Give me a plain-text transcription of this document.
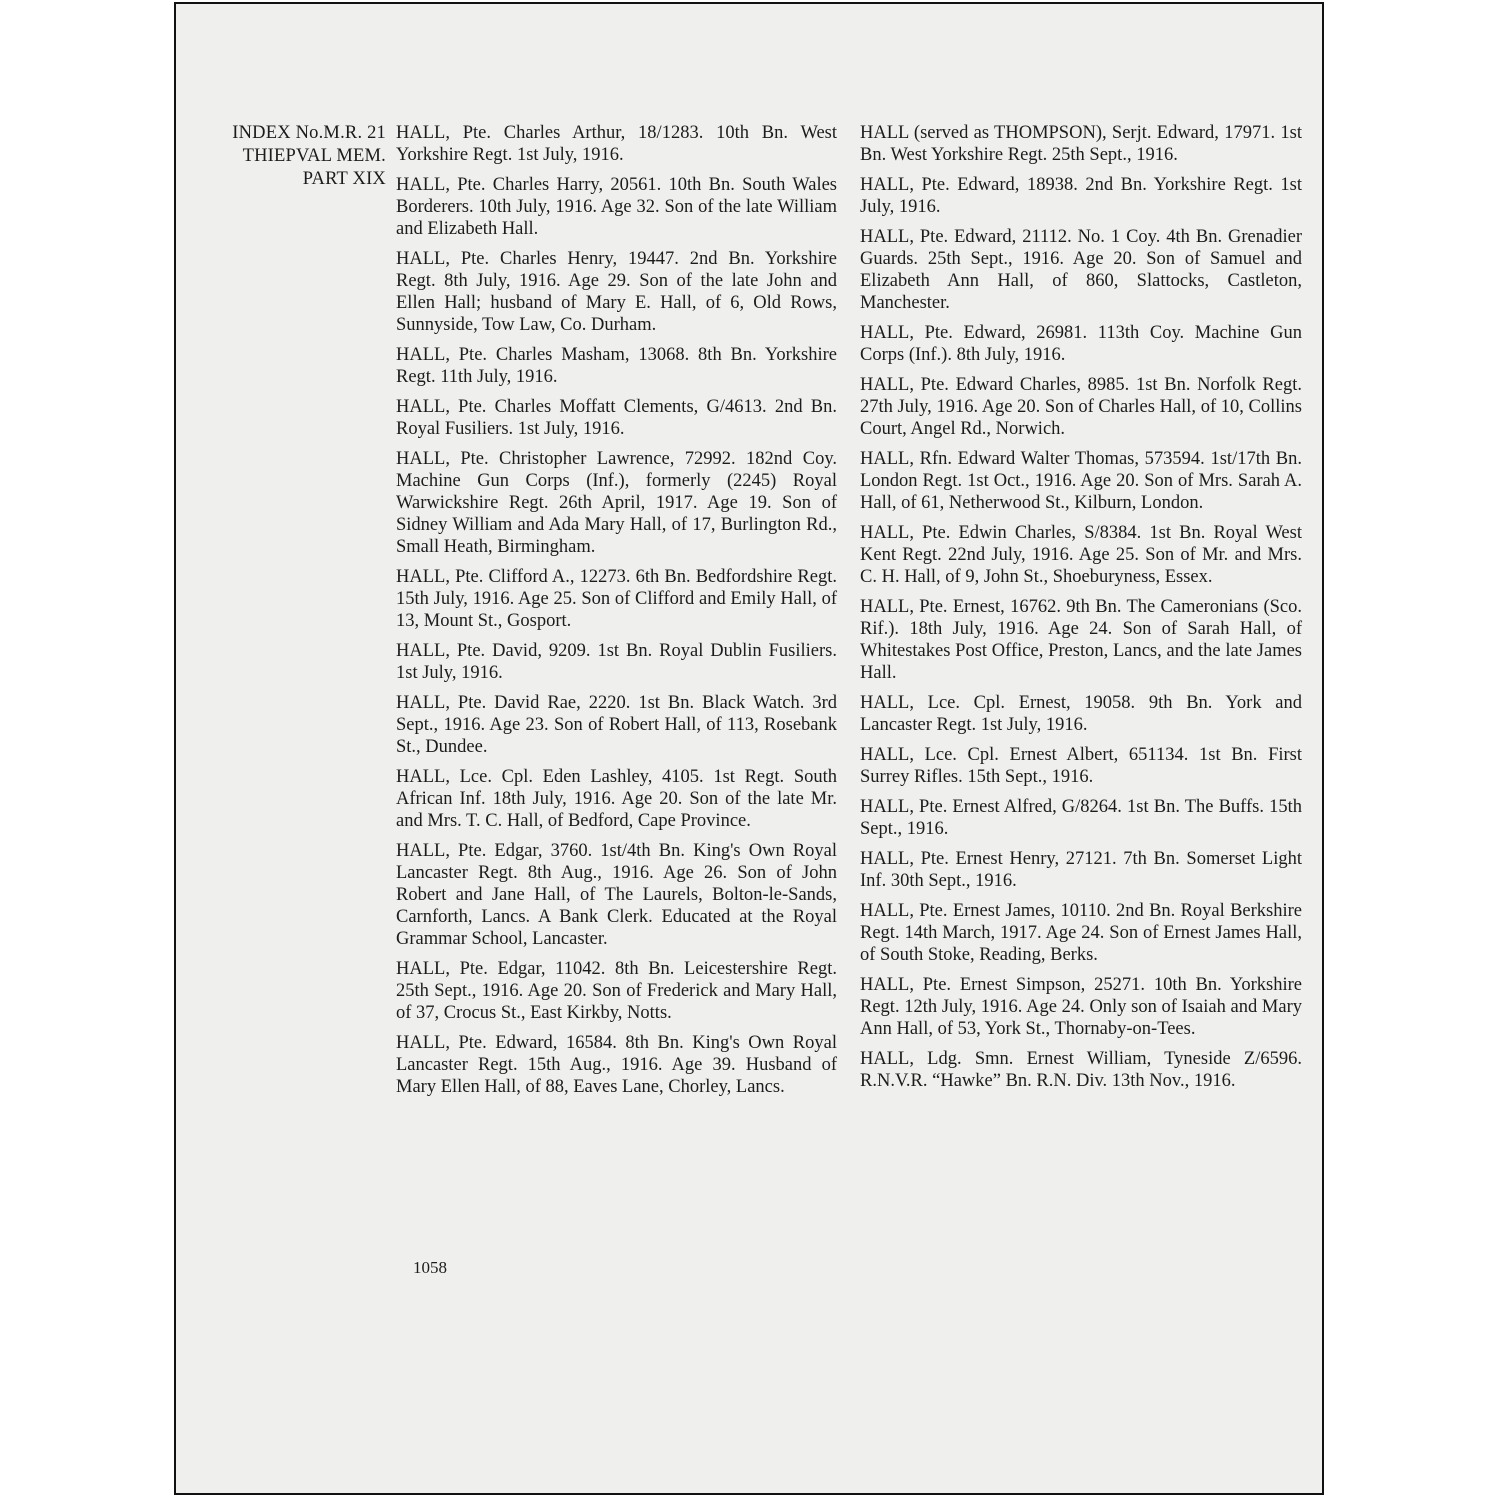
INDEX No.M.R. 21
THIEPVAL MEM.
PART XIX

HALL, Pte. Charles Arthur, 18/1283. 10th Bn. West Yorkshire Regt. 1st July, 1916.

HALL, Pte. Charles Harry, 20561. 10th Bn. South Wales Borderers. 10th July, 1916. Age 32. Son of the late William and Elizabeth Hall.

HALL, Pte. Charles Henry, 19447. 2nd Bn. Yorkshire Regt. 8th July, 1916. Age 29. Son of the late John and Ellen Hall; husband of Mary E. Hall, of 6, Old Rows, Sunnyside, Tow Law, Co. Durham.

HALL, Pte. Charles Masham, 13068. 8th Bn. Yorkshire Regt. 11th July, 1916.

HALL, Pte. Charles Moffatt Clements, G/4613. 2nd Bn. Royal Fusiliers. 1st July, 1916.

HALL, Pte. Christopher Lawrence, 72992. 182nd Coy. Machine Gun Corps (Inf.), formerly (2245) Royal Warwickshire Regt. 26th April, 1917. Age 19. Son of Sidney William and Ada Mary Hall, of 17, Burlington Rd., Small Heath, Birmingham.

HALL, Pte. Clifford A., 12273. 6th Bn. Bedfordshire Regt. 15th July, 1916. Age 25. Son of Clifford and Emily Hall, of 13, Mount St., Gosport.

HALL, Pte. David, 9209. 1st Bn. Royal Dublin Fusiliers. 1st July, 1916.

HALL, Pte. David Rae, 2220. 1st Bn. Black Watch. 3rd Sept., 1916. Age 23. Son of Robert Hall, of 113, Rosebank St., Dundee.

HALL, Lce. Cpl. Eden Lashley, 4105. 1st Regt. South African Inf. 18th July, 1916. Age 20. Son of the late Mr. and Mrs. T. C. Hall, of Bedford, Cape Province.

HALL, Pte. Edgar, 3760. 1st/4th Bn. King's Own Royal Lancaster Regt. 8th Aug., 1916. Age 26. Son of John Robert and Jane Hall, of The Laurels, Bolton-le-Sands, Carnforth, Lancs. A Bank Clerk. Educated at the Royal Grammar School, Lancaster.

HALL, Pte. Edgar, 11042. 8th Bn. Leicestershire Regt. 25th Sept., 1916. Age 20. Son of Frederick and Mary Hall, of 37, Crocus St., East Kirkby, Notts.

HALL, Pte. Edward, 16584. 8th Bn. King's Own Royal Lancaster Regt. 15th Aug., 1916. Age 39. Husband of Mary Ellen Hall, of 88, Eaves Lane, Chorley, Lancs.

HALL (served as THOMPSON), Serjt. Edward, 17971. 1st Bn. West Yorkshire Regt. 25th Sept., 1916.

HALL, Pte. Edward, 18938. 2nd Bn. Yorkshire Regt. 1st July, 1916.

HALL, Pte. Edward, 21112. No. 1 Coy. 4th Bn. Grenadier Guards. 25th Sept., 1916. Age 20. Son of Samuel and Elizabeth Ann Hall, of 860, Slattocks, Castleton, Manchester.

HALL, Pte. Edward, 26981. 113th Coy. Machine Gun Corps (Inf.). 8th July, 1916.

HALL, Pte. Edward Charles, 8985. 1st Bn. Norfolk Regt. 27th July, 1916. Age 20. Son of Charles Hall, of 10, Collins Court, Angel Rd., Norwich.

HALL, Rfn. Edward Walter Thomas, 573594. 1st/17th Bn. London Regt. 1st Oct., 1916. Age 20. Son of Mrs. Sarah A. Hall, of 61, Netherwood St., Kilburn, London.

HALL, Pte. Edwin Charles, S/8384. 1st Bn. Royal West Kent Regt. 22nd July, 1916. Age 25. Son of Mr. and Mrs. C. H. Hall, of 9, John St., Shoeburyness, Essex.

HALL, Pte. Ernest, 16762. 9th Bn. The Cameronians (Sco. Rif.). 18th July, 1916. Age 24. Son of Sarah Hall, of Whitestakes Post Office, Preston, Lancs, and the late James Hall.

HALL, Lce. Cpl. Ernest, 19058. 9th Bn. York and Lancaster Regt. 1st July, 1916.

HALL, Lce. Cpl. Ernest Albert, 651134. 1st Bn. First Surrey Rifles. 15th Sept., 1916.

HALL, Pte. Ernest Alfred, G/8264. 1st Bn. The Buffs. 15th Sept., 1916.

HALL, Pte. Ernest Henry, 27121. 7th Bn. Somerset Light Inf. 30th Sept., 1916.

HALL, Pte. Ernest James, 10110. 2nd Bn. Royal Berkshire Regt. 14th March, 1917. Age 24. Son of Ernest James Hall, of South Stoke, Reading, Berks.

HALL, Pte. Ernest Simpson, 25271. 10th Bn. Yorkshire Regt. 12th July, 1916. Age 24. Only son of Isaiah and Mary Ann Hall, of 53, York St., Thornaby-on-Tees.

HALL, Ldg. Smn. Ernest William, Tyneside Z/6596. R.N.V.R. “Hawke” Bn. R.N. Div. 13th Nov., 1916.

1058
